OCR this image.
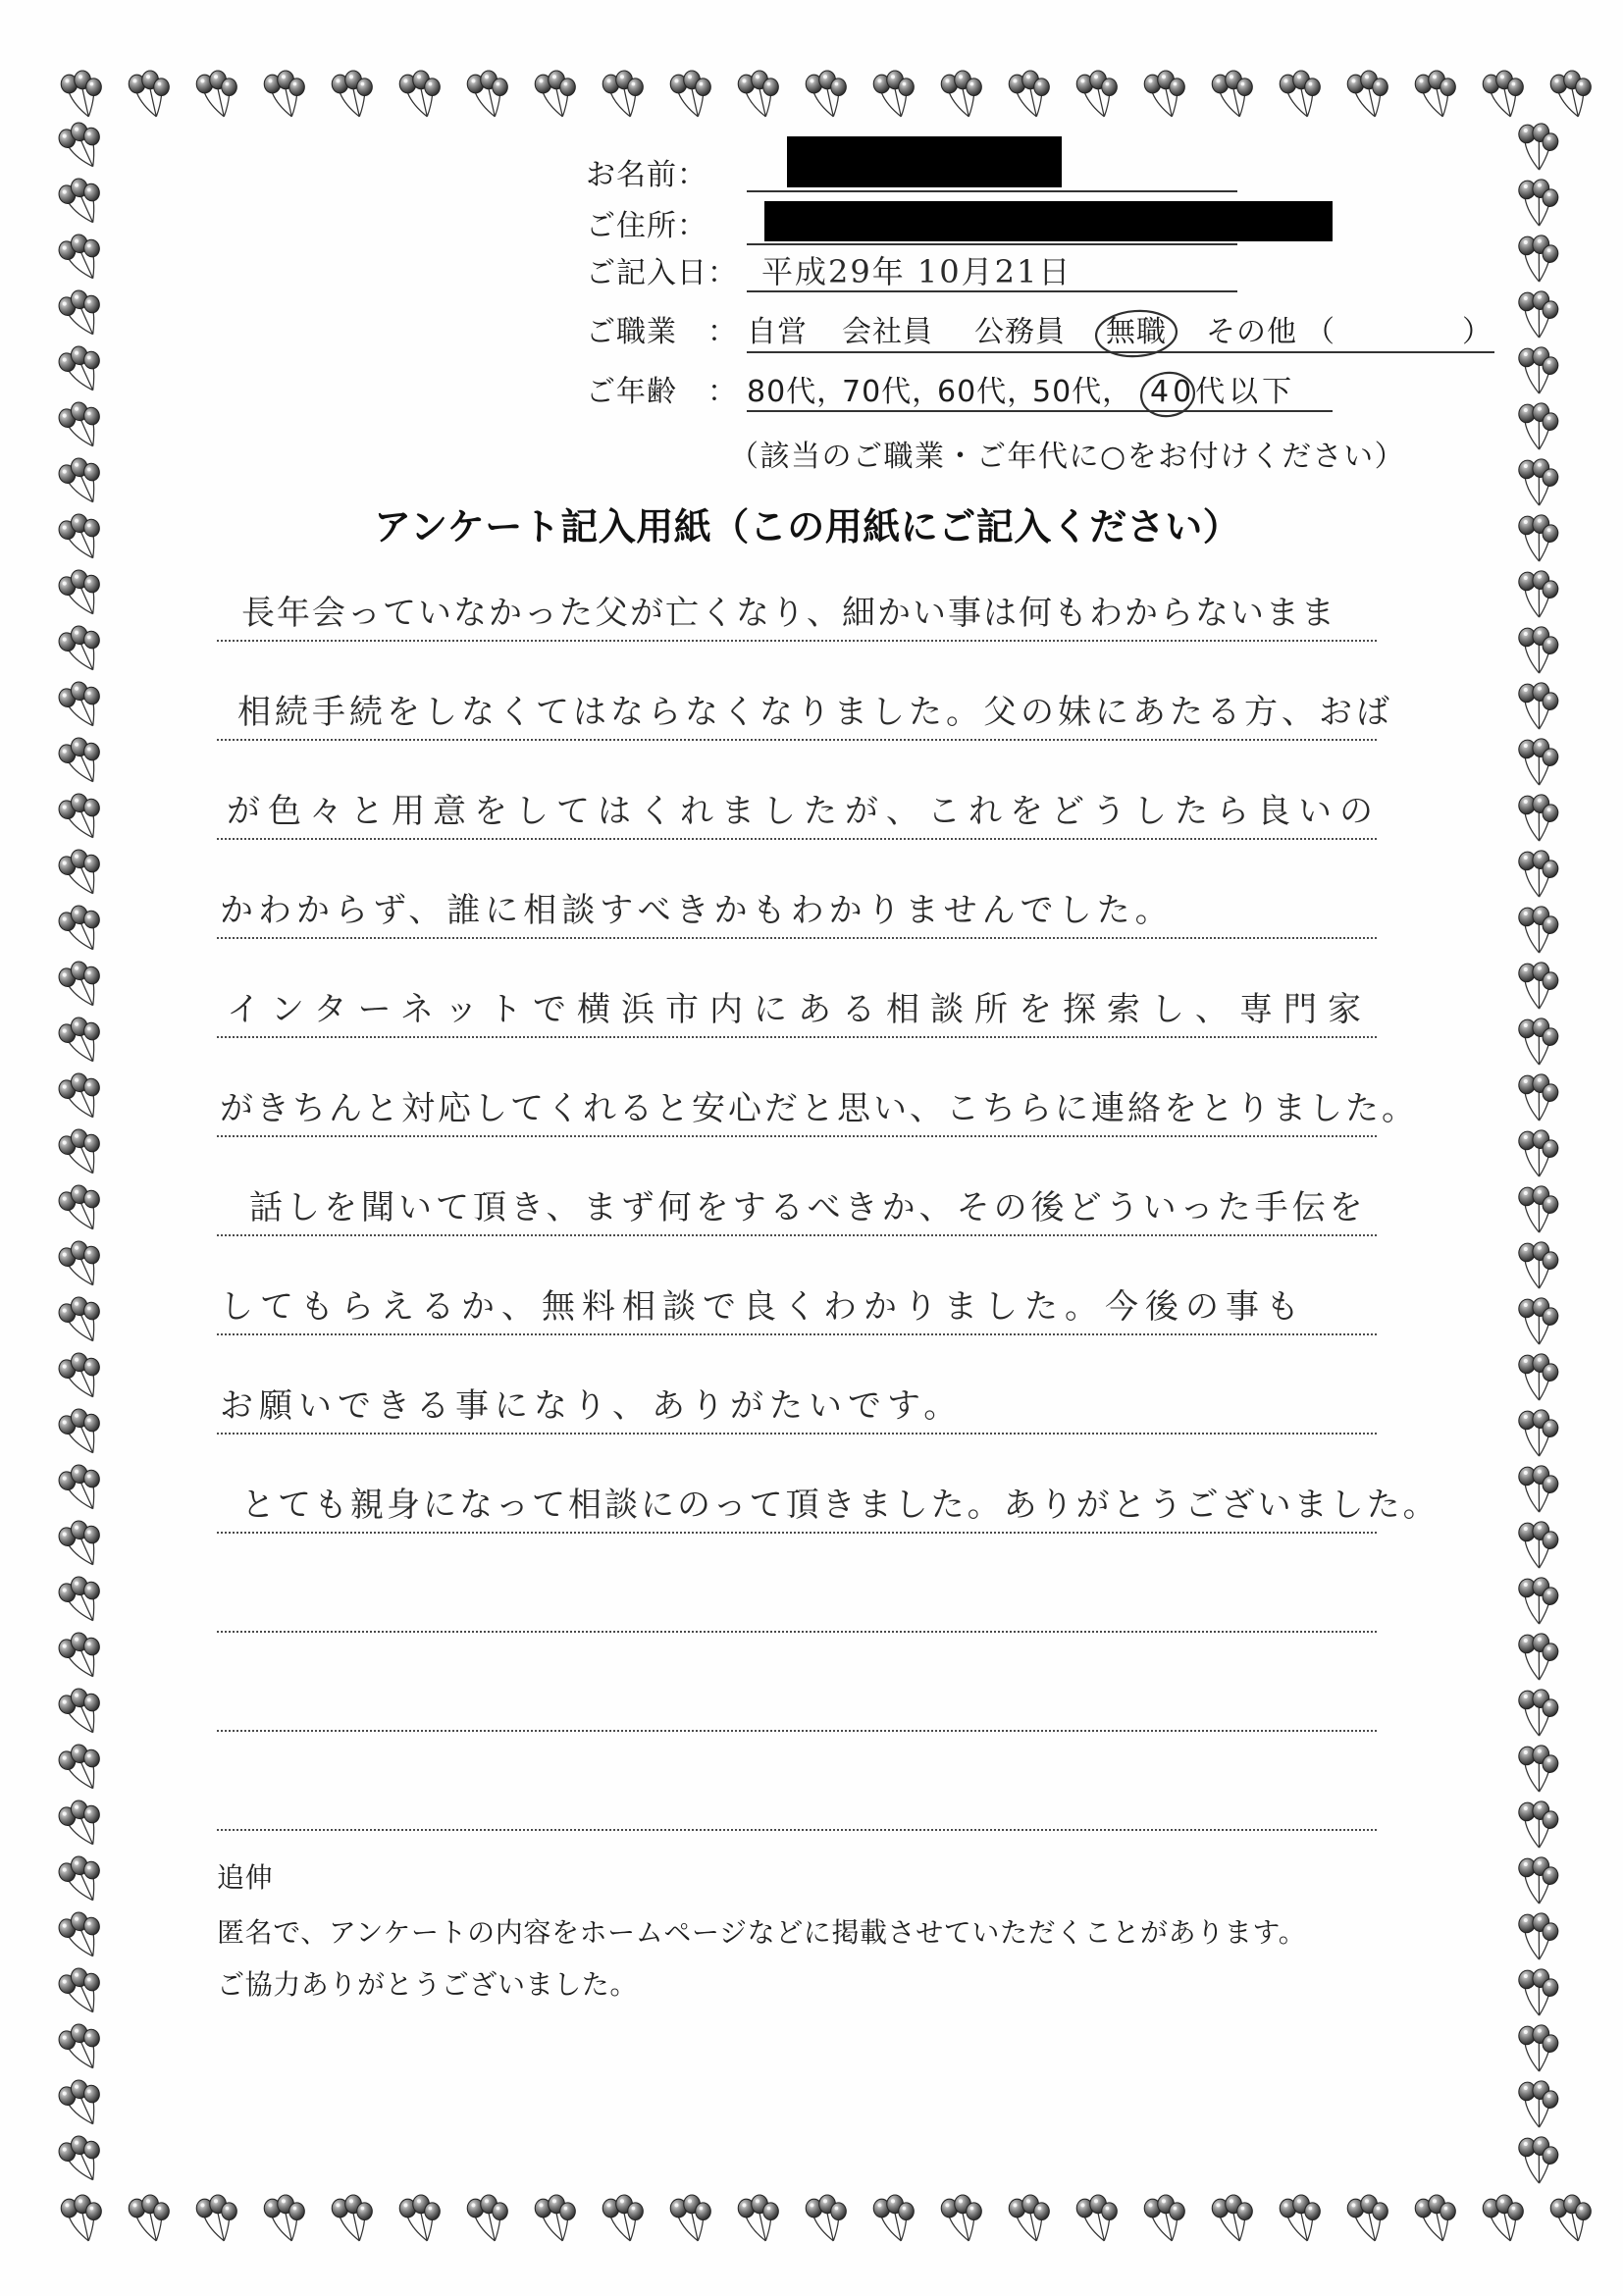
お名前：
ご住所：
ご記入日： 平成29年 10月21日
ご職業　： 自営 会社員 公務員 無職 その他 （	）
ご年齢　： 80代，
70代，
60代，
50代， 40代以下
（該当のご職業・ご年代に○をお付けください）
アンケート記入用紙（この用紙にご記入ください）
長年会っていなかった父が亡くなり、細かい事は何もわからないまま
相続手続をしなくてはならなくなりました。父の妹にあたる方、おば
が色々と用意をしてはくれましたが、これをどうしたら良いの
かわからず、誰に相談すべきかもわかりませんでした。
インターネットで横浜市内にある相談所を探索し、専門家
がきちんと対応してくれると安心だと思い、こちらに連絡をとりました。
話しを聞いて頂き、まず何をするべきか、その後どういった手伝を
してもらえるか、無料相談で良くわかりました。今後の事も
お願いできる事になり、ありがたいです。
とても親身になって相談にのって頂きました。ありがとうございました。
追伸
匿名で、アンケートの内容をホームページなどに掲載させていただくことがあります。
ご協力ありがとうございました。
